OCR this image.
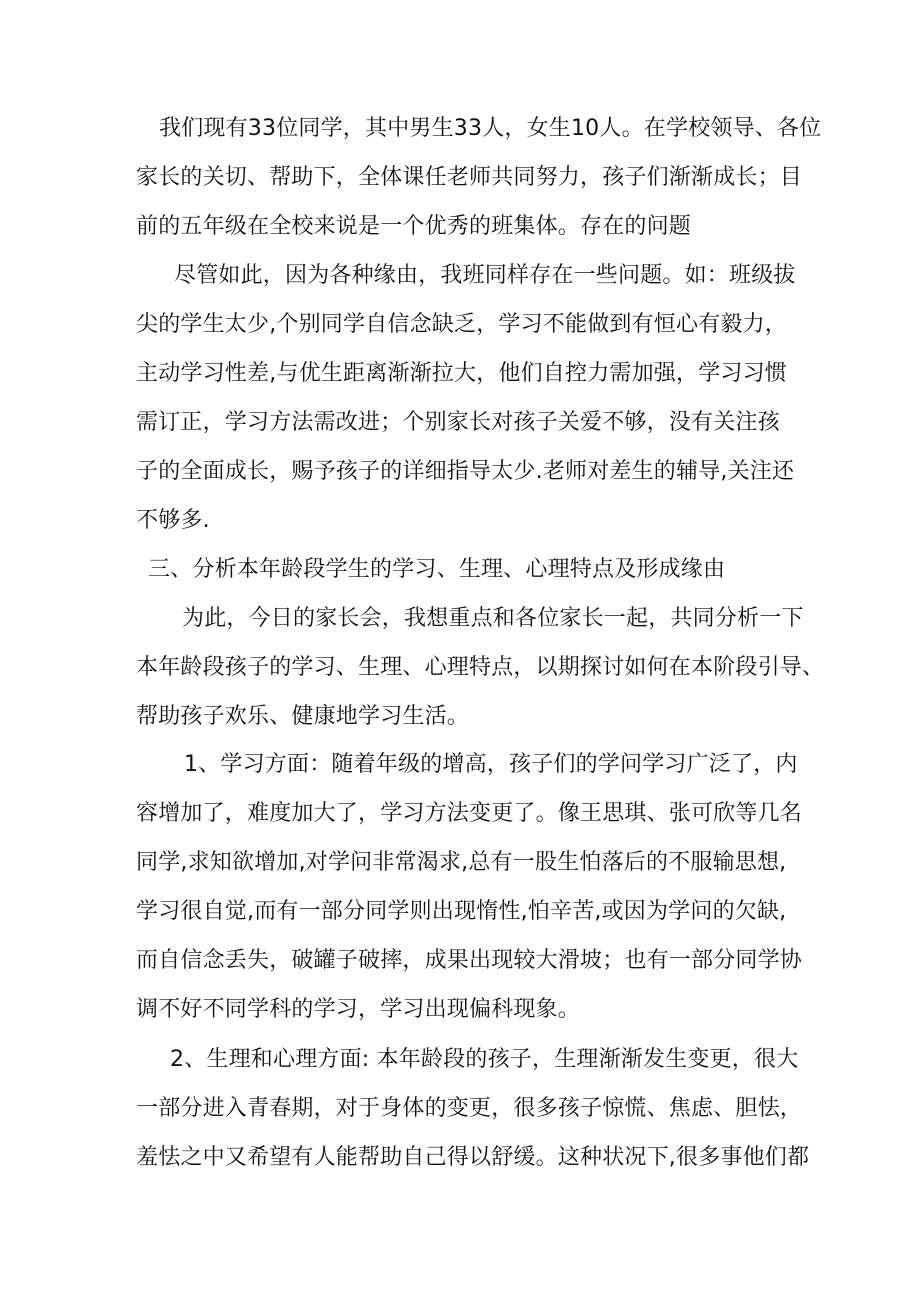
我们现有33位同学，其中男生33人，女生10人。在学校领导、各位
家长的关切、帮助下，全体课任老师共同努力，孩子们渐渐成长；目
前的五年级在全校来说是一个优秀的班集体。存在的问题
尽管如此，因为各种缘由，我班同样存在一些问题。如：班级拔
尖的学生太少,个别同学自信念缺乏，学习不能做到有恒心有毅力，
主动学习性差,与优生距离渐渐拉大，他们自控力需加强，学习习惯
需订正，学习方法需改进；个别家长对孩子关爱不够，没有关注孩
子的全面成长，赐予孩子的详细指导太少.老师对差生的辅导,关注还
不够多.
三、分析本年龄段学生的学习、生理、心理特点及形成缘由
为此，今日的家长会，我想重点和各位家长一起，共同分析一下
本年龄段孩子的学习、生理、心理特点，以期探讨如何在本阶段引导、
帮助孩子欢乐、健康地学习生活。
1、学习方面：随着年级的增高，孩子们的学问学习广泛了，内
容增加了，难度加大了，学习方法变更了。像王思琪、张可欣等几名
同学,求知欲增加,对学问非常渴求,总有一股生怕落后的不服输思想,
学习很自觉,而有一部分同学则出现惰性,怕辛苦,或因为学问的欠缺,
而自信念丢失，破罐子破摔，成果出现较大滑坡；也有一部分同学协
调不好不同学科的学习，学习出现偏科现象。
2、生理和心理方面: 本年龄段的孩子，生理渐渐发生变更，很大
一部分进入青春期，对于身体的变更，很多孩子惊慌、焦虑、胆怯，
羞怯之中又希望有人能帮助自己得以舒缓。这种状况下,很多事他们都
